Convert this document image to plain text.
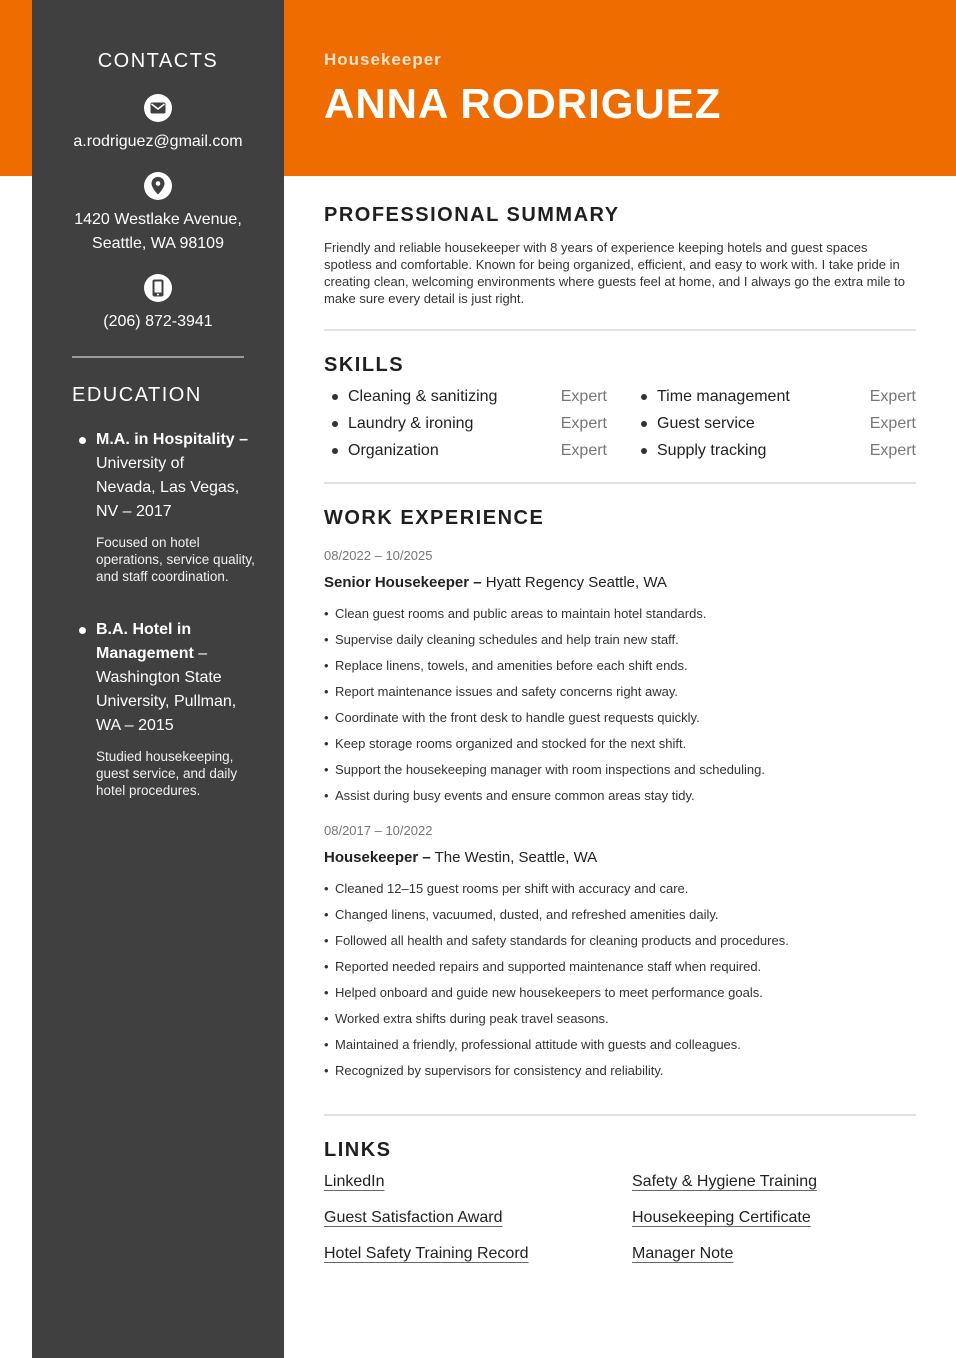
CONTACTS
a.rodriguez@gmail.com
1420 Westlake Avenue,
Seattle, WA 98109
(206) 872-3941
EDUCATION
M.A. in Hospitality –
University of
Nevada, Las Vegas,
NV – 2017
Focused on hotel operations, service quality, and staff coordination.
B.A. Hotel in
Management –
Washington State
University, Pullman,
WA – 2015
Studied housekeeping, guest service, and daily hotel procedures.
Housekeeper
ANNA RODRIGUEZ
PROFESSIONAL SUMMARY

Friendly and reliable housekeeper with 8 years of experience keeping hotels and guest spaces spotless and comfortable. Known for being organized, efficient, and easy to work with. I take pride in creating clean, welcoming environments where guests feel at home, and I always go the extra mile to make sure every detail is just right.

SKILLS
Cleaning & sanitizing	Expert	Time management	Expert
Laundry & ironing	Expert	Guest service	Expert
Organization	Expert	Supply tracking	Expert
WORK EXPERIENCE
08/2022 – 10/2025
Senior Housekeeper – Hyatt Regency Seattle, WA
• Clean guest rooms and public areas to maintain hotel standards.
• Supervise daily cleaning schedules and help train new staff.
• Replace linens, towels, and amenities before each shift ends.
• Report maintenance issues and safety concerns right away.
• Coordinate with the front desk to handle guest requests quickly.
• Keep storage rooms organized and stocked for the next shift.
• Support the housekeeping manager with room inspections and scheduling.
• Assist during busy events and ensure common areas stay tidy.
08/2017 – 10/2022
Housekeeper – The Westin, Seattle, WA
• Cleaned 12–15 guest rooms per shift with accuracy and care.
• Changed linens, vacuumed, dusted, and refreshed amenities daily.
• Followed all health and safety standards for cleaning products and procedures.
• Reported needed repairs and supported maintenance staff when required.
• Helped onboard and guide new housekeepers to meet performance goals.
• Worked extra shifts during peak travel seasons.
• Maintained a friendly, professional attitude with guests and colleagues.
• Recognized by supervisors for consistency and reliability.
LINKS
LinkedIn	Safety & Hygiene Training
Guest Satisfaction Award	Housekeeping Certificate
Hotel Safety Training Record	Manager Note
